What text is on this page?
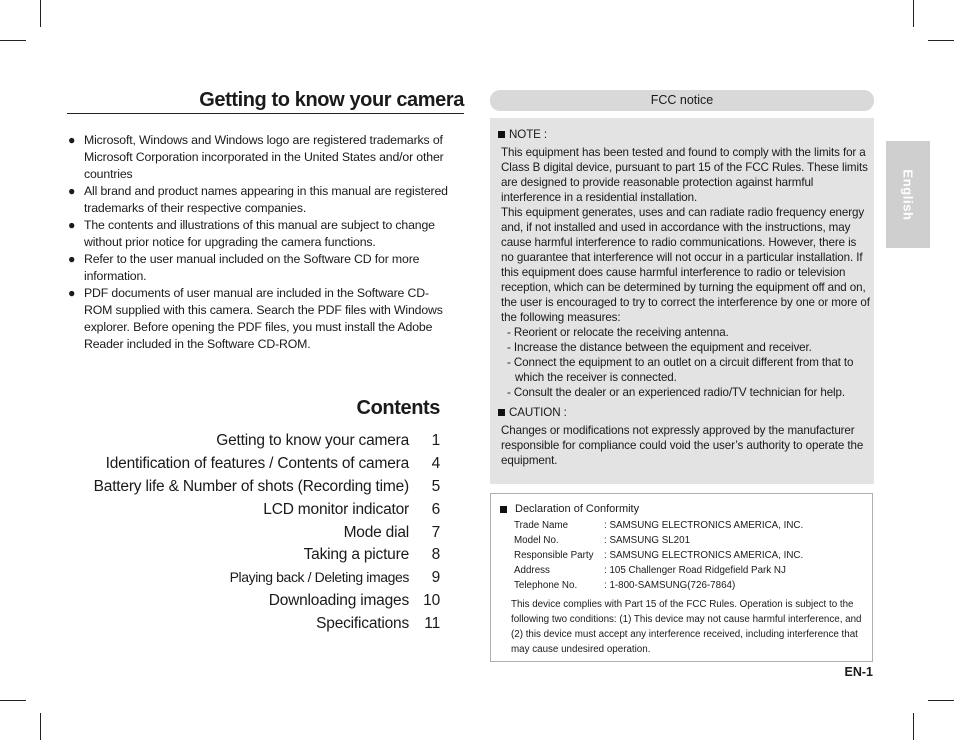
Getting to know your camera
● Microsoft, Windows and Windows logo are registered trademarks of Microsoft Corporation incorporated in the United States and/or other countries
● All brand and product names appearing in this manual are registered trademarks of their respective companies.
● The contents and illustrations of this manual are subject to change without prior notice for upgrading the camera functions.
● Refer to the user manual included on the Software CD for more information.
● PDF documents of user manual are included in the Software CD-ROM supplied with this camera. Search the PDF files with Windows explorer. Before opening the PDF files, you must install the Adobe Reader included in the Software CD-ROM.
Contents
Getting to know your camera	1
Identification of features / Contents of camera	4
Battery life & Number of shots (Recording time)	5
LCD monitor indicator	6
Mode dial	7
Taking a picture	8
Playing back / Deleting images	9
Downloading images 10
Specifications 11
FCC notice
NOTE :
This equipment has been tested and found to comply with the limits for a Class B digital device, pursuant to part 15 of the FCC Rules. These limits are designed to provide reasonable protection against harmful interference in a residential installation.
This equipment generates, uses and can radiate radio frequency energy and, if not installed and used in accordance with the instructions, may cause harmful interference to radio communications. However, there is no guarantee that interference will not occur in a particular installation. If this equipment does cause harmful interference to radio or television reception, which can be determined by turning the equipment off and on, the user is encouraged to try to correct the interference by one or more of the following measures:
- Reorient or relocate the receiving antenna.
- Increase the distance between the equipment and receiver.
- Connect the equipment to an outlet on a circuit different from that to which the receiver is connected.
- Consult the dealer or an experienced radio/TV technician for help.
CAUTION :
Changes or modifications not expressly approved by the manufacturer responsible for compliance could void the user’s authority to operate the equipment.
Declaration of Conformity
Trade Name	: SAMSUNG ELECTRONICS AMERICA, INC.
Model No.	: SAMSUNG SL201
Responsible Party	: SAMSUNG ELECTRONICS AMERICA, INC.
Address	: 105 Challenger Road Ridgefield Park NJ
Telephone No.	: 1-800-SAMSUNG(726-7864)
This device complies with Part 15 of the FCC Rules. Operation is subject to the following two conditions: (1) This device may not cause harmful interference, and (2) this device must accept any interference received, including interference that may cause undesired operation.
English
EN-1
